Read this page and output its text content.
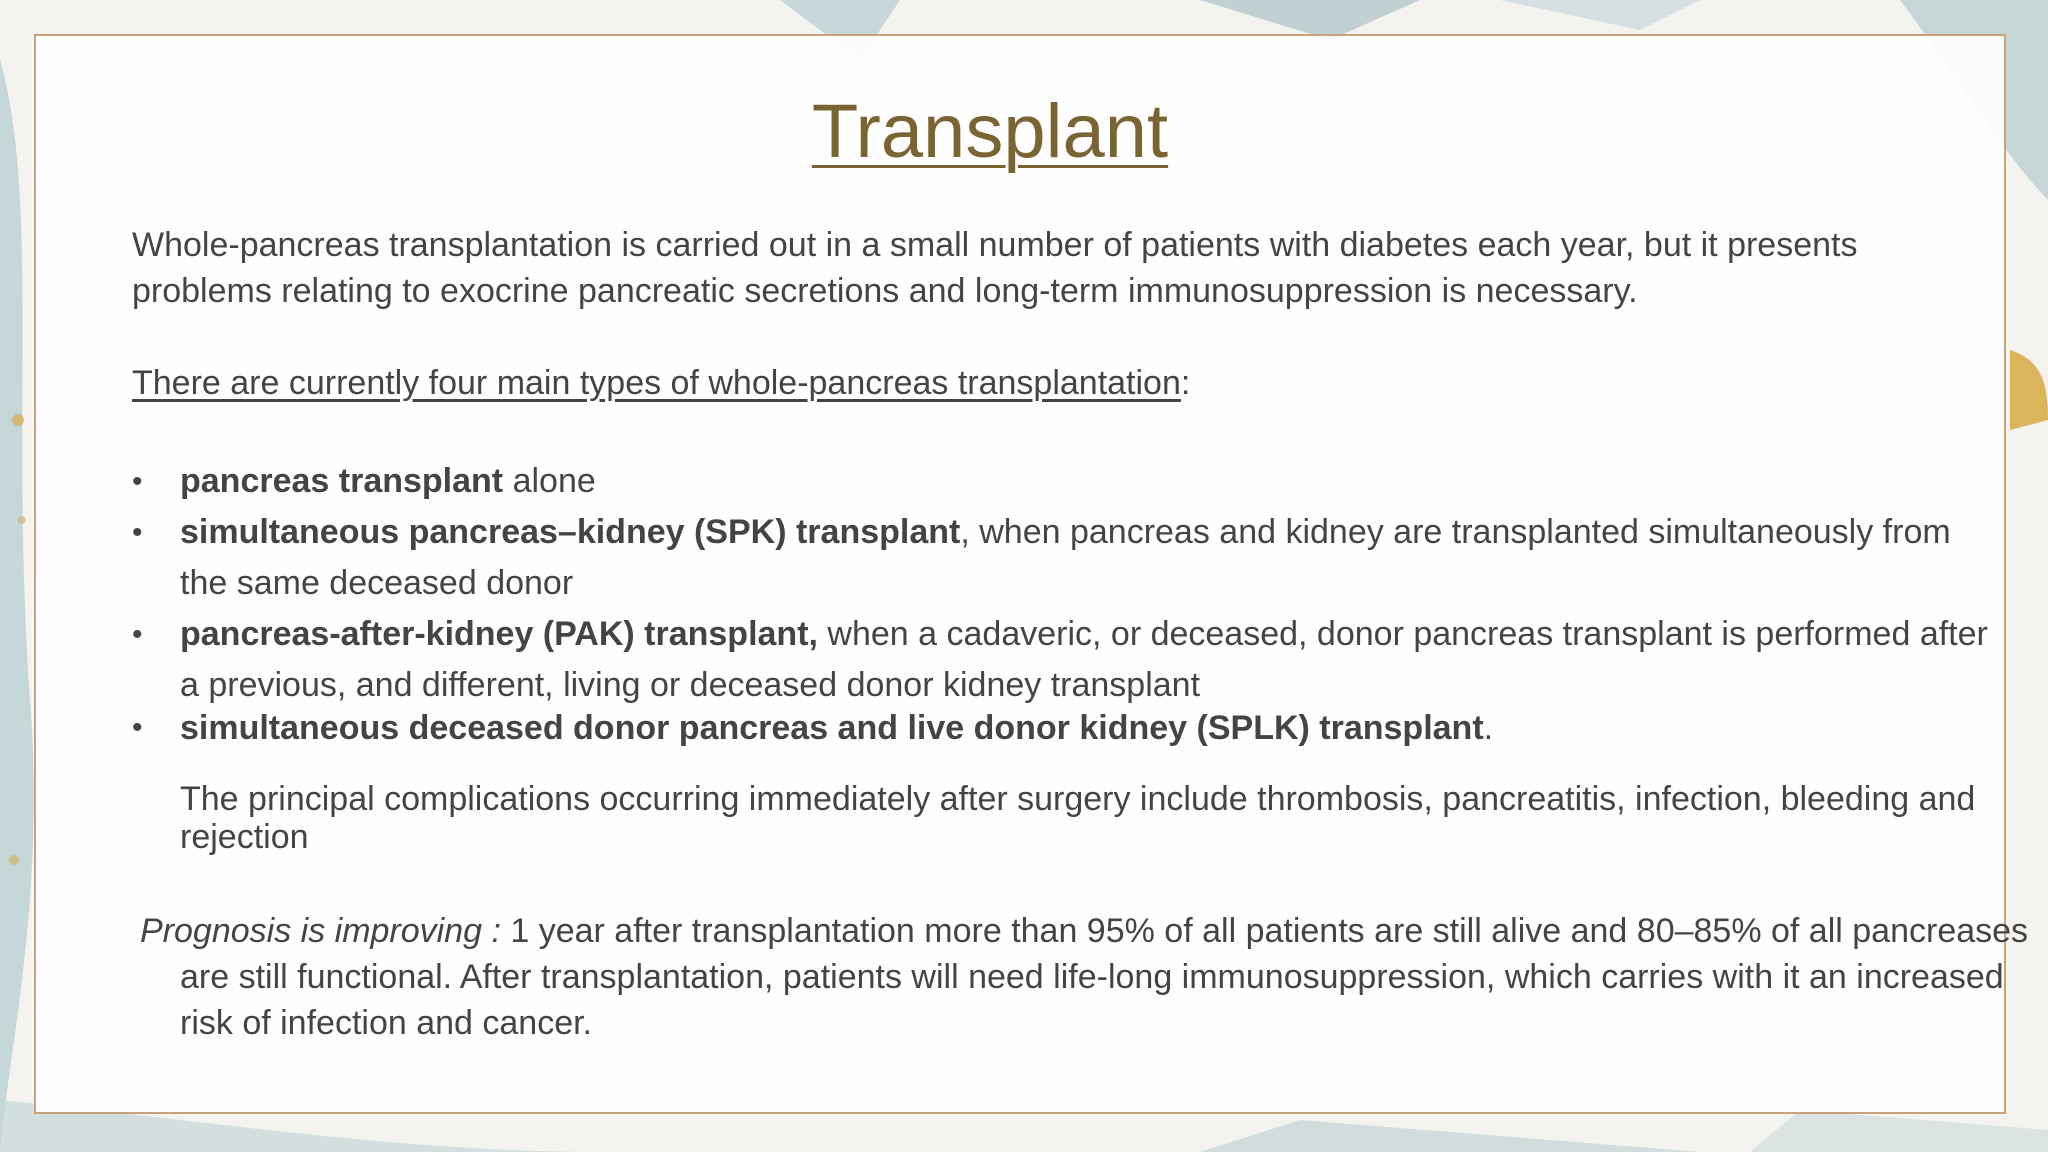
Transplant
Whole-pancreas transplantation is carried out in a small number of patients with diabetes each year, but it presents problems relating to exocrine pancreatic secretions and long-term immunosuppression is necessary.
There are currently four main types of whole-pancreas transplantation:
• pancreas transplant alone
• simultaneous pancreas–kidney (SPK) transplant, when pancreas and kidney are transplanted simultaneously from the same deceased donor
• pancreas-after-kidney (PAK) transplant, when a cadaveric, or deceased, donor pancreas transplant is performed after a previous, and different, living or deceased donor kidney transplant
• simultaneous deceased donor pancreas and live donor kidney (SPLK) transplant.
The principal complications occurring immediately after surgery include thrombosis, pancreatitis, infection, bleeding and rejection
Prognosis is improving : 1 year after transplantation more than 95% of all patients are still alive and 80–85% of all pancreases are still functional. After transplantation, patients will need life-long immunosuppression, which carries with it an increased risk of infection and cancer.
